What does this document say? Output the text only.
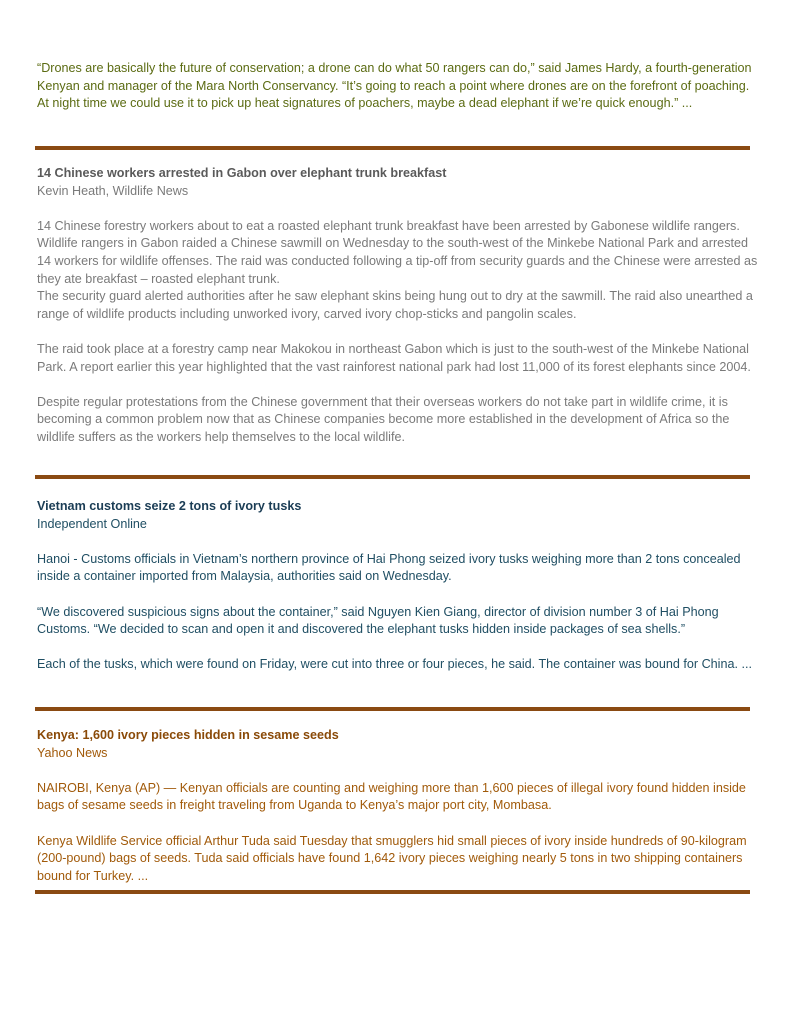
“Drones are basically the future of conservation; a drone can do what 50 rangers can do,” said James Hardy, a fourth-generation Kenyan and manager of the Mara North Conservancy. “It’s going to reach a point where drones are on the forefront of poaching. At night time we could use it to pick up heat signatures of poachers, maybe a dead elephant if we’re quick enough.” ...

14 Chinese workers arrested in Gabon over elephant trunk breakfast

Kevin Heath, Wildlife News

14 Chinese forestry workers about to eat a roasted elephant trunk breakfast have been arrested by Gabonese wildlife rangers. Wildlife rangers in Gabon raided a Chinese sawmill on Wednesday to the south-west of the Minkebe National Park and arrested 14 workers for wildlife offenses. The raid was conducted following a tip-off from security guards and the Chinese were arrested as they ate breakfast – roasted elephant trunk.

The security guard alerted authorities after he saw elephant skins being hung out to dry at the sawmill. The raid also unearthed a range of wildlife products including unworked ivory, carved ivory chop-sticks and pangolin scales.

The raid took place at a forestry camp near Makokou in northeast Gabon which is just to the south-west of the Minkebe National Park. A report earlier this year highlighted that the vast rainforest national park had lost 11,000 of its forest elephants since 2004.

Despite regular protestations from the Chinese government that their overseas workers do not take part in wildlife crime, it is becoming a common problem now that as Chinese companies become more established in the development of Africa so the wildlife suffers as the workers help themselves to the local wildlife.

Vietnam customs seize 2 tons of ivory tusks

Independent Online

Hanoi - Customs officials in Vietnam’s northern province of Hai Phong seized ivory tusks weighing more than 2 tons concealed inside a container imported from Malaysia, authorities said on Wednesday.

“We discovered suspicious signs about the container,” said Nguyen Kien Giang, director of division number 3 of Hai Phong Customs. “We decided to scan and open it and discovered the elephant tusks hidden inside packages of sea shells.”

Each of the tusks, which were found on Friday, were cut into three or four pieces, he said. The container was bound for China. ...

Kenya: 1,600 ivory pieces hidden in sesame seeds

Yahoo News

NAIROBI, Kenya (AP) — Kenyan officials are counting and weighing more than 1,600 pieces of illegal ivory found hidden inside bags of sesame seeds in freight traveling from Uganda to Kenya’s major port city, Mombasa.

Kenya Wildlife Service official Arthur Tuda said Tuesday that smugglers hid small pieces of ivory inside hundreds of 90-kilogram (200-pound) bags of seeds. Tuda said officials have found 1,642 ivory pieces weighing nearly 5 tons in two shipping containers bound for Turkey. ...
